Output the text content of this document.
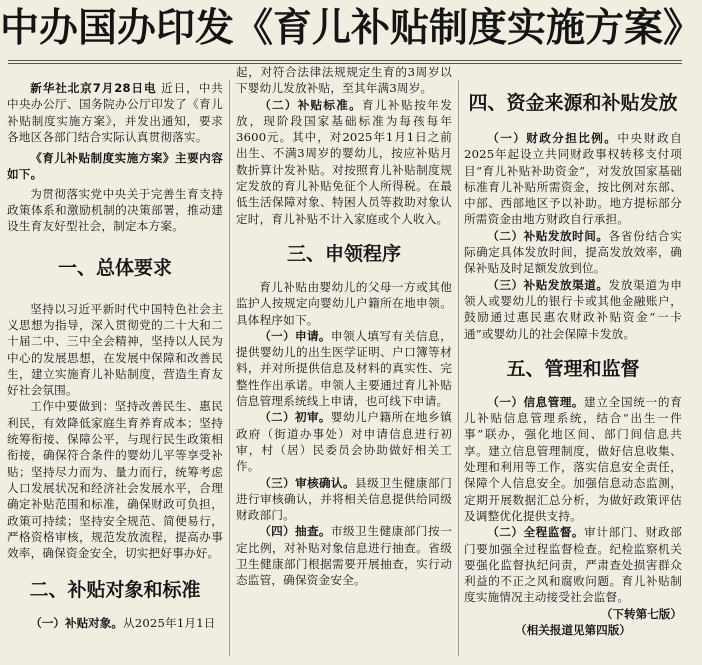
中办国办印发《育儿补贴制度实施方案》

新华社北京7月28日电 近日，中共中央办公厅、国务院办公厅印发了《育儿补贴制度实施方案》，并发出通知，要求各地区各部门结合实际认真贯彻落实。

《育儿补贴制度实施方案》主要内容如下。

为贯彻落实党中央关于完善生育支持政策体系和激励机制的决策部署，推动建设生育友好型社会，制定本方案。

一、总体要求

坚持以习近平新时代中国特色社会主义思想为指导，深入贯彻党的二十大和二十届二中、三中全会精神，坚持以人民为中心的发展思想，在发展中保障和改善民生，建立实施育儿补贴制度，营造生育友好社会氛围。

工作中要做到：坚持改善民生、惠民利民，有效降低家庭生育养育成本；坚持统筹衔接、保障公平，与现行民生政策相衔接，确保符合条件的婴幼儿平等享受补贴；坚持尽力而为、量力而行，统筹考虑人口发展状况和经济社会发展水平，合理确定补贴范围和标准，确保财政可负担，政策可持续；坚持安全规范、简便易行，严格资格审核，规范发放流程，提高办事效率，确保资金安全，切实把好事办好。

二、补贴对象和标准

（一）补贴对象。从2025年1月1日

起，对符合法律法规规定生育的3周岁以下婴幼儿发放补贴，至其年满3周岁。

（二）补贴标准。育儿补贴按年发放，现阶段国家基础标准为每孩每年3600元。其中，对2025年1月1日之前出生、不满3周岁的婴幼儿，按应补贴月数折算计发补贴。对按照育儿补贴制度规定发放的育儿补贴免征个人所得税。在最低生活保障对象、特困人员等救助对象认定时，育儿补贴不计入家庭或个人收入。

三、申领程序

育儿补贴由婴幼儿的父母一方或其他监护人按规定向婴幼儿户籍所在地申领。具体程序如下。

（一）申请。申领人填写有关信息，提供婴幼儿的出生医学证明、户口簿等材料，并对所提供信息及材料的真实性、完整性作出承诺。申领人主要通过育儿补贴信息管理系统线上申请，也可线下申请。

（二）初审。婴幼儿户籍所在地乡镇政府（街道办事处）对申请信息进行初审，村（居）民委员会协助做好相关工作。

（三）审核确认。县级卫生健康部门进行审核确认，并将相关信息提供给同级财政部门。

（四）抽查。市级卫生健康部门按一定比例，对补贴对象信息进行抽查。省级卫生健康部门根据需要开展抽查，实行动态监管，确保资金安全。

四、资金来源和补贴发放

（一）财政分担比例。中央财政自2025年起设立共同财政事权转移支付项目“育儿补贴补助资金”，对发放国家基础标准育儿补贴所需资金，按比例对东部、中部、西部地区予以补助。地方提标部分所需资金由地方财政自行承担。

（二）补贴发放时间。各省份结合实际确定具体发放时间，提高发放效率，确保补贴及时足额发放到位。

（三）补贴发放渠道。发放渠道为申领人或婴幼儿的银行卡或其他金融账户，鼓励通过惠民惠农财政补贴资金“一卡通”或婴幼儿的社会保障卡发放。

五、管理和监督

（一）信息管理。建立全国统一的育儿补贴信息管理系统，结合“出生一件事”联办，强化地区间、部门间信息共享。建立信息管理制度，做好信息收集、处理和利用等工作，落实信息安全责任，保障个人信息安全。加强信息动态监测，定期开展数据汇总分析，为做好政策评估及调整优化提供支持。

（二）全程监督。审计部门、财政部门要加强全过程监督检查。纪检监察机关要强化监督执纪问责，严肃查处损害群众利益的不正之风和腐败问题。育儿补贴制度实施情况主动接受社会监督。

（下转第七版）

（相关报道见第四版）
